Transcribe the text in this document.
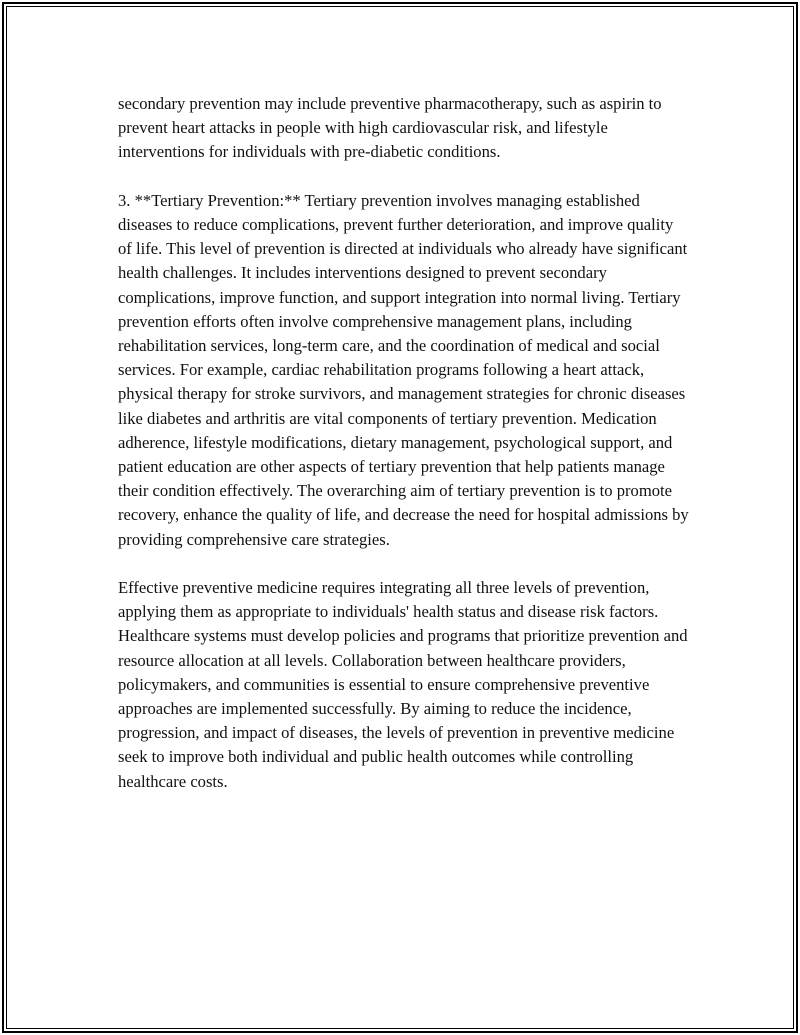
secondary prevention may include preventive pharmacotherapy, such as aspirin to prevent heart attacks in people with high cardiovascular risk, and lifestyle interventions for individuals with pre-diabetic conditions.

3. **Tertiary Prevention:** Tertiary prevention involves managing established diseases to reduce complications, prevent further deterioration, and improve quality of life. This level of prevention is directed at individuals who already have significant health challenges. It includes interventions designed to prevent secondary complications, improve function, and support integration into normal living. Tertiary prevention efforts often involve comprehensive management plans, including rehabilitation services, long-term care, and the coordination of medical and social services. For example, cardiac rehabilitation programs following a heart attack, physical therapy for stroke survivors, and management strategies for chronic diseases like diabetes and arthritis are vital components of tertiary prevention. Medication adherence, lifestyle modifications, dietary management, psychological support, and patient education are other aspects of tertiary prevention that help patients manage their condition effectively. The overarching aim of tertiary prevention is to promote recovery, enhance the quality of life, and decrease the need for hospital admissions by providing comprehensive care strategies.

Effective preventive medicine requires integrating all three levels of prevention, applying them as appropriate to individuals' health status and disease risk factors. Healthcare systems must develop policies and programs that prioritize prevention and resource allocation at all levels. Collaboration between healthcare providers, policymakers, and communities is essential to ensure comprehensive preventive approaches are implemented successfully. By aiming to reduce the incidence, progression, and impact of diseases, the levels of prevention in preventive medicine seek to improve both individual and public health outcomes while controlling healthcare costs.
